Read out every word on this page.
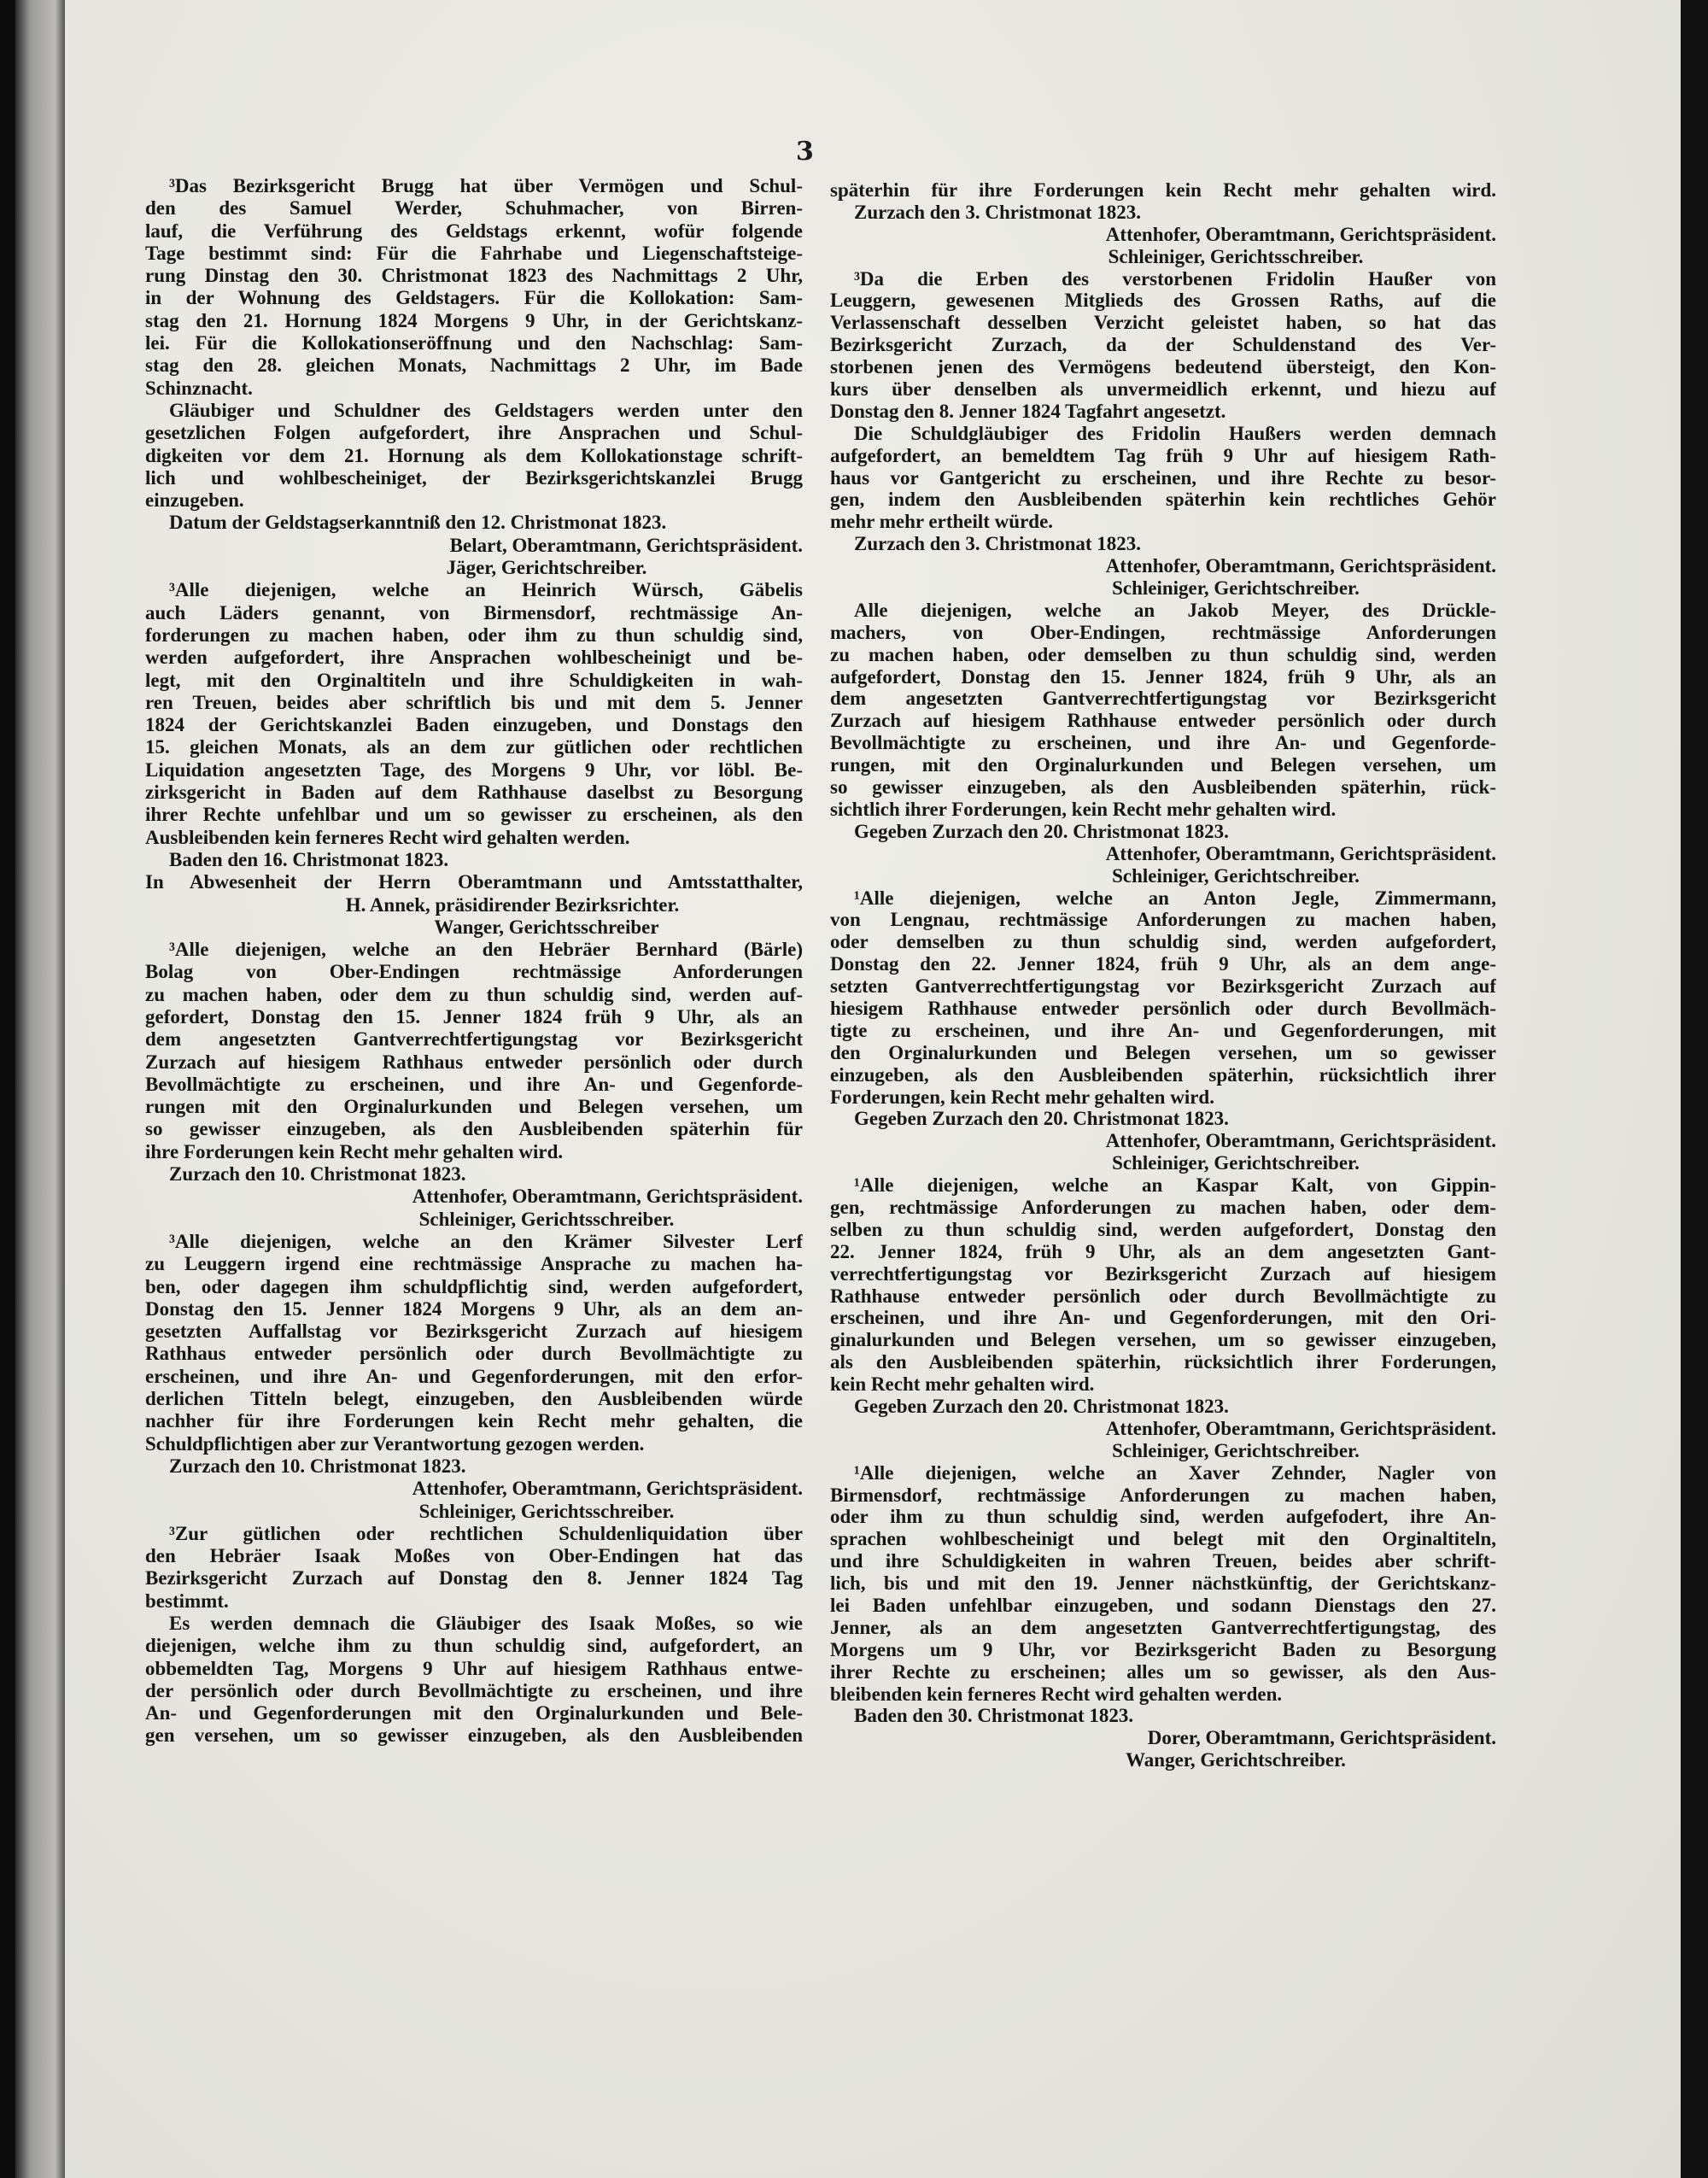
3
³Das Bezirksgericht Brugg hat über Vermögen und Schul-
den des Samuel Werder, Schuhmacher, von Birren-
lauf, die Verführung des Geldstags erkennt, wofür folgende
Tage bestimmt sind: Für die Fahrhabe und Liegenschaftsteige-
rung Dinstag den 30. Christmonat 1823 des Nachmittags 2 Uhr,
in der Wohnung des Geldstagers. Für die Kollokation: Sam-
stag den 21. Hornung 1824 Morgens 9 Uhr, in der Gerichtskanz-
lei. Für die Kollokationseröffnung und den Nachschlag: Sam-
stag den 28. gleichen Monats, Nachmittags 2 Uhr, im Bade
Schinznacht.
Gläubiger und Schuldner des Geldstagers werden unter den
gesetzlichen Folgen aufgefordert, ihre Ansprachen und Schul-
digkeiten vor dem 21. Hornung als dem Kollokationstage schrift-
lich und wohlbescheiniget, der Bezirksgerichtskanzlei Brugg
einzugeben.
Datum der Geldstagserkanntniß den 12. Christmonat 1823.
Belart, Oberamtmann, Gerichtspräsident.
Jäger, Gerichtschreiber.
³Alle diejenigen, welche an Heinrich Würsch, Gäbelis
auch Läders genannt, von Birmensdorf, rechtmässige An-
forderungen zu machen haben, oder ihm zu thun schuldig sind,
werden aufgefordert, ihre Ansprachen wohlbescheinigt und be-
legt, mit den Orginaltiteln und ihre Schuldigkeiten in wah-
ren Treuen, beides aber schriftlich bis und mit dem 5. Jenner
1824 der Gerichtskanzlei Baden einzugeben, und Donstags den
15. gleichen Monats, als an dem zur gütlichen oder rechtlichen
Liquidation angesetzten Tage, des Morgens 9 Uhr, vor löbl. Be-
zirksgericht in Baden auf dem Rathhause daselbst zu Besorgung
ihrer Rechte unfehlbar und um so gewisser zu erscheinen, als den
Ausbleibenden kein ferneres Recht wird gehalten werden.
Baden den 16. Christmonat 1823.
In Abwesenheit der Herrn Oberamtmann und Amtsstatthalter,
H. Annek, präsidirender Bezirksrichter.
Wanger, Gerichtsschreiber
³Alle diejenigen, welche an den Hebräer Bernhard (Bärle)
Bolag von Ober-Endingen rechtmässige Anforderungen
zu machen haben, oder dem zu thun schuldig sind, werden auf-
gefordert, Donstag den 15. Jenner 1824 früh 9 Uhr, als an
dem angesetzten Gantverrechtfertigungstag vor Bezirksgericht
Zurzach auf hiesigem Rathhaus entweder persönlich oder durch
Bevollmächtigte zu erscheinen, und ihre An- und Gegenforde-
rungen mit den Orginalurkunden und Belegen versehen, um
so gewisser einzugeben, als den Ausbleibenden späterhin für
ihre Forderungen kein Recht mehr gehalten wird.
Zurzach den 10. Christmonat 1823.
Attenhofer, Oberamtmann, Gerichtspräsident.
Schleiniger, Gerichtsschreiber.
³Alle diejenigen, welche an den Krämer Silvester Lerf
zu Leuggern irgend eine rechtmässige Ansprache zu machen ha-
ben, oder dagegen ihm schuldpflichtig sind, werden aufgefordert,
Donstag den 15. Jenner 1824 Morgens 9 Uhr, als an dem an-
gesetzten Auffallstag vor Bezirksgericht Zurzach auf hiesigem
Rathhaus entweder persönlich oder durch Bevollmächtigte zu
erscheinen, und ihre An- und Gegenforderungen, mit den erfor-
derlichen Titteln belegt, einzugeben, den Ausbleibenden würde
nachher für ihre Forderungen kein Recht mehr gehalten, die
Schuldpflichtigen aber zur Verantwortung gezogen werden.
Zurzach den 10. Christmonat 1823.
Attenhofer, Oberamtmann, Gerichtspräsident.
Schleiniger, Gerichtsschreiber.
³Zur gütlichen oder rechtlichen Schuldenliquidation über
den Hebräer Isaak Moßes von Ober-Endingen hat das
Bezirksgericht Zurzach auf Donstag den 8. Jenner 1824 Tag
bestimmt.
Es werden demnach die Gläubiger des Isaak Moßes, so wie
diejenigen, welche ihm zu thun schuldig sind, aufgefordert, an
obbemeldten Tag, Morgens 9 Uhr auf hiesigem Rathhaus entwe-
der persönlich oder durch Bevollmächtigte zu erscheinen, und ihre
An- und Gegenforderungen mit den Orginalurkunden und Bele-
gen versehen, um so gewisser einzugeben, als den Ausbleibenden
späterhin für ihre Forderungen kein Recht mehr gehalten wird.
Zurzach den 3. Christmonat 1823.
Attenhofer, Oberamtmann, Gerichtspräsident.
Schleiniger, Gerichtsschreiber.
³Da die Erben des verstorbenen Fridolin Haußer von
Leuggern, gewesenen Mitglieds des Grossen Raths, auf die
Verlassenschaft desselben Verzicht geleistet haben, so hat das
Bezirksgericht Zurzach, da der Schuldenstand des Ver-
storbenen jenen des Vermögens bedeutend übersteigt, den Kon-
kurs über denselben als unvermeidlich erkennt, und hiezu auf
Donstag den 8. Jenner 1824 Tagfahrt angesetzt.
Die Schuldgläubiger des Fridolin Haußers werden demnach
aufgefordert, an bemeldtem Tag früh 9 Uhr auf hiesigem Rath-
haus vor Gantgericht zu erscheinen, und ihre Rechte zu besor-
gen, indem den Ausbleibenden späterhin kein rechtliches Gehör
mehr mehr ertheilt würde.
Zurzach den 3. Christmonat 1823.
Attenhofer, Oberamtmann, Gerichtspräsident.
Schleiniger, Gerichtschreiber.
Alle diejenigen, welche an Jakob Meyer, des Drückle-
machers, von Ober-Endingen, rechtmässige Anforderungen
zu machen haben, oder demselben zu thun schuldig sind, werden
aufgefordert, Donstag den 15. Jenner 1824, früh 9 Uhr, als an
dem angesetzten Gantverrechtfertigungstag vor Bezirksgericht
Zurzach auf hiesigem Rathhause entweder persönlich oder durch
Bevollmächtigte zu erscheinen, und ihre An- und Gegenforde-
rungen, mit den Orginalurkunden und Belegen versehen, um
so gewisser einzugeben, als den Ausbleibenden späterhin, rück-
sichtlich ihrer Forderungen, kein Recht mehr gehalten wird.
Gegeben Zurzach den 20. Christmonat 1823.
Attenhofer, Oberamtmann, Gerichtspräsident.
Schleiniger, Gerichtschreiber.
¹Alle diejenigen, welche an Anton Jegle, Zimmermann,
von Lengnau, rechtmässige Anforderungen zu machen haben,
oder demselben zu thun schuldig sind, werden aufgefordert,
Donstag den 22. Jenner 1824, früh 9 Uhr, als an dem ange-
setzten Gantverrechtfertigungstag vor Bezirksgericht Zurzach auf
hiesigem Rathhause entweder persönlich oder durch Bevollmäch-
tigte zu erscheinen, und ihre An- und Gegenforderungen, mit
den Orginalurkunden und Belegen versehen, um so gewisser
einzugeben, als den Ausbleibenden späterhin, rücksichtlich ihrer
Forderungen, kein Recht mehr gehalten wird.
Gegeben Zurzach den 20. Christmonat 1823.
Attenhofer, Oberamtmann, Gerichtspräsident.
Schleiniger, Gerichtschreiber.
¹Alle diejenigen, welche an Kaspar Kalt, von Gippin-
gen, rechtmässige Anforderungen zu machen haben, oder dem-
selben zu thun schuldig sind, werden aufgefordert, Donstag den
22. Jenner 1824, früh 9 Uhr, als an dem angesetzten Gant-
verrechtfertigungstag vor Bezirksgericht Zurzach auf hiesigem
Rathhause entweder persönlich oder durch Bevollmächtigte zu
erscheinen, und ihre An- und Gegenforderungen, mit den Ori-
ginalurkunden und Belegen versehen, um so gewisser einzugeben,
als den Ausbleibenden späterhin, rücksichtlich ihrer Forderungen,
kein Recht mehr gehalten wird.
Gegeben Zurzach den 20. Christmonat 1823.
Attenhofer, Oberamtmann, Gerichtspräsident.
Schleiniger, Gerichtschreiber.
¹Alle diejenigen, welche an Xaver Zehnder, Nagler von
Birmensdorf, rechtmässige Anforderungen zu machen haben,
oder ihm zu thun schuldig sind, werden aufgefodert, ihre An-
sprachen wohlbescheinigt und belegt mit den Orginaltiteln,
und ihre Schuldigkeiten in wahren Treuen, beides aber schrift-
lich, bis und mit den 19. Jenner nächstkünftig, der Gerichtskanz-
lei Baden unfehlbar einzugeben, und sodann Dienstags den 27.
Jenner, als an dem angesetzten Gantverrechtfertigungstag, des
Morgens um 9 Uhr, vor Bezirksgericht Baden zu Besorgung
ihrer Rechte zu erscheinen; alles um so gewisser, als den Aus-
bleibenden kein ferneres Recht wird gehalten werden.
Baden den 30. Christmonat 1823.
Dorer, Oberamtmann, Gerichtspräsident.
Wanger, Gerichtschreiber.
